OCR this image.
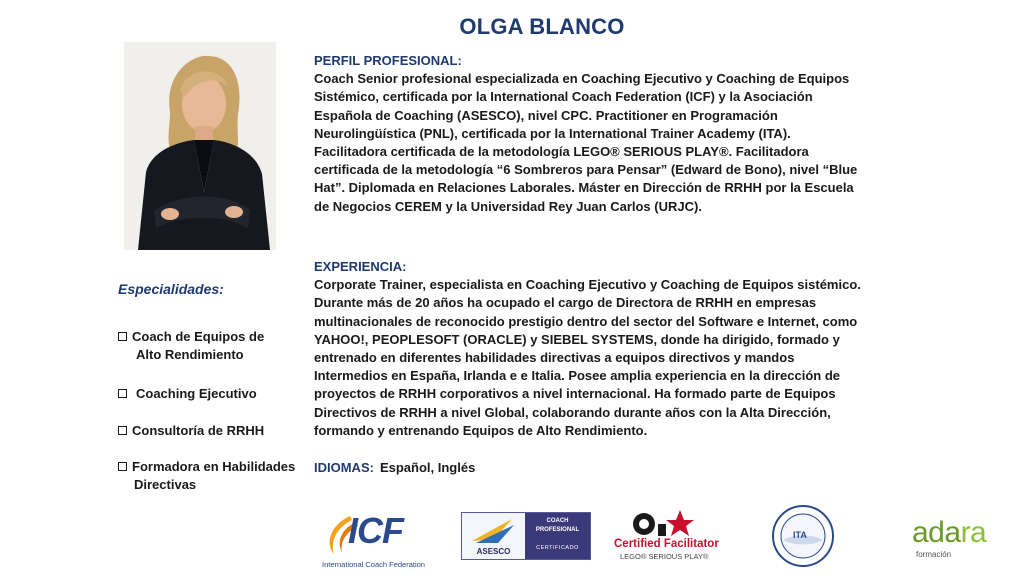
OLGA BLANCO
PERFIL PROFESIONAL:
Coach Senior profesional especializada en Coaching Ejecutivo y Coaching de Equipos
Sistémico, certificada por la International Coach Federation (ICF) y la Asociación
Española de Coaching (ASESCO), nivel CPC. Practitioner en Programación
Neurolingüística (PNL), certificada por la International Trainer Academy (ITA).
Facilitadora certificada de la metodología LEGO® SERIOUS PLAY®. Facilitadora
certificada de la metodología “6 Sombreros para Pensar” (Edward de Bono), nivel “Blue
Hat”. Diplomada en Relaciones Laborales. Máster en Dirección de RRHH por la Escuela
de Negocios CEREM y la Universidad Rey Juan Carlos (URJC).
EXPERIENCIA:
Corporate Trainer, especialista en Coaching Ejecutivo y Coaching de Equipos sistémico.
Durante más de 20 años ha ocupado el cargo de Directora de RRHH en empresas
multinacionales de reconocido prestigio dentro del sector del Software e Internet, como
YAHOO!, PEOPLESOFT (ORACLE) y SIEBEL SYSTEMS, donde ha dirigido, formado y
entrenado en diferentes habilidades directivas a equipos directivos y mandos
Intermedios en España, Irlanda e e Italia. Posee amplia experiencia en la dirección de
proyectos de RRHH corporativos a nivel internacional. Ha formado parte de Equipos
Directivos de RRHH a nivel Global, colaborando durante años con la Alta Dirección,
formando y entrenando Equipos de Alto Rendimiento.
IDIOMAS: Español, Inglés
Especialidades:
Coach de Equipos de
Alto Rendimiento
Coaching Ejecutivo
Consultoría de RRHH
Formadora en Habilidades
Directivas
ICF
International Coach Federation
ASESCO
COACH
PROFESIONAL
CERTIFICADO	Certified Facilitator
LEGO® SERIOUS PLAY®
ITA	adara
formación
